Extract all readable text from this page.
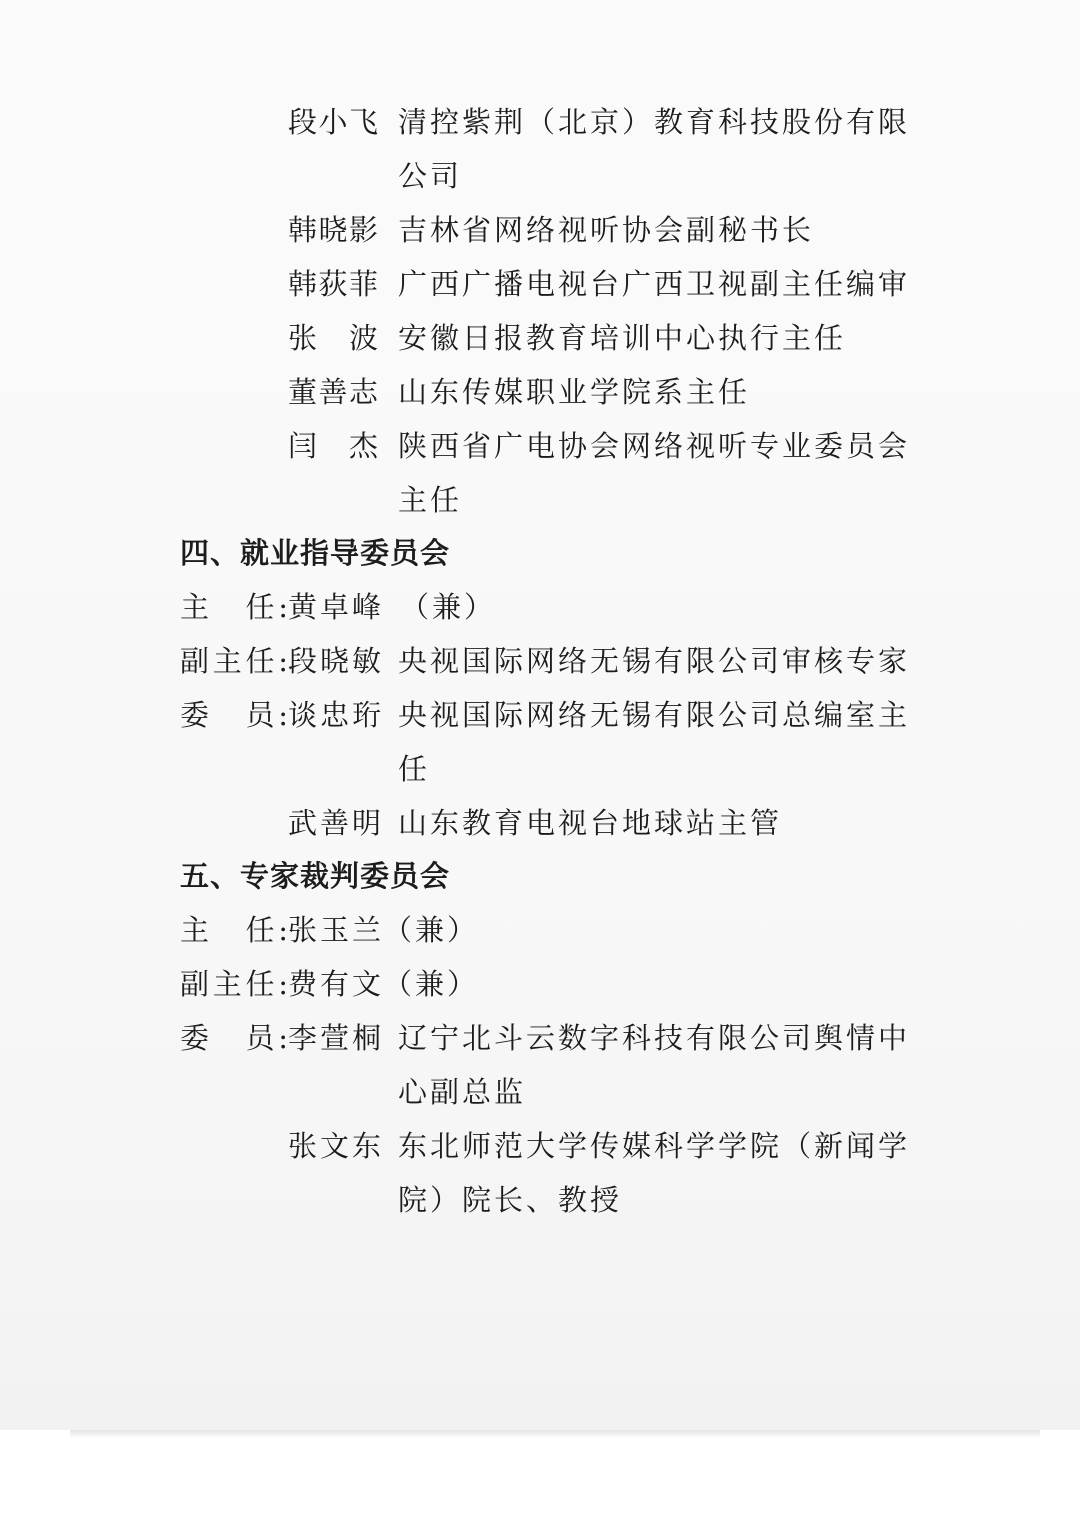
段小飞 清控紫荆（北京）教育科技股份有限
公司
韩晓影 吉林省网络视听协会副秘书长
韩荻菲 广西广播电视台广西卫视副主任编审
张　波 安徽日报教育培训中心执行主任
董善志 山东传媒职业学院系主任
闫　杰 陕西省广电协会网络视听专业委员会
主任
四、就业指导委员会
主　任: 黄卓峰 （兼）
副主任: 段晓敏 央视国际网络无锡有限公司审核专家
委　员: 谈忠珩 央视国际网络无锡有限公司总编室主
任
武善明 山东教育电视台地球站主管
五、专家裁判委员会
主　任: 张玉兰
（兼）
副主任: 费有文
（兼）
委　员: 李萱桐 辽宁北斗云数字科技有限公司舆情中
心副总监
张文东 东北师范大学传媒科学学院（新闻学
院）院长、教授
